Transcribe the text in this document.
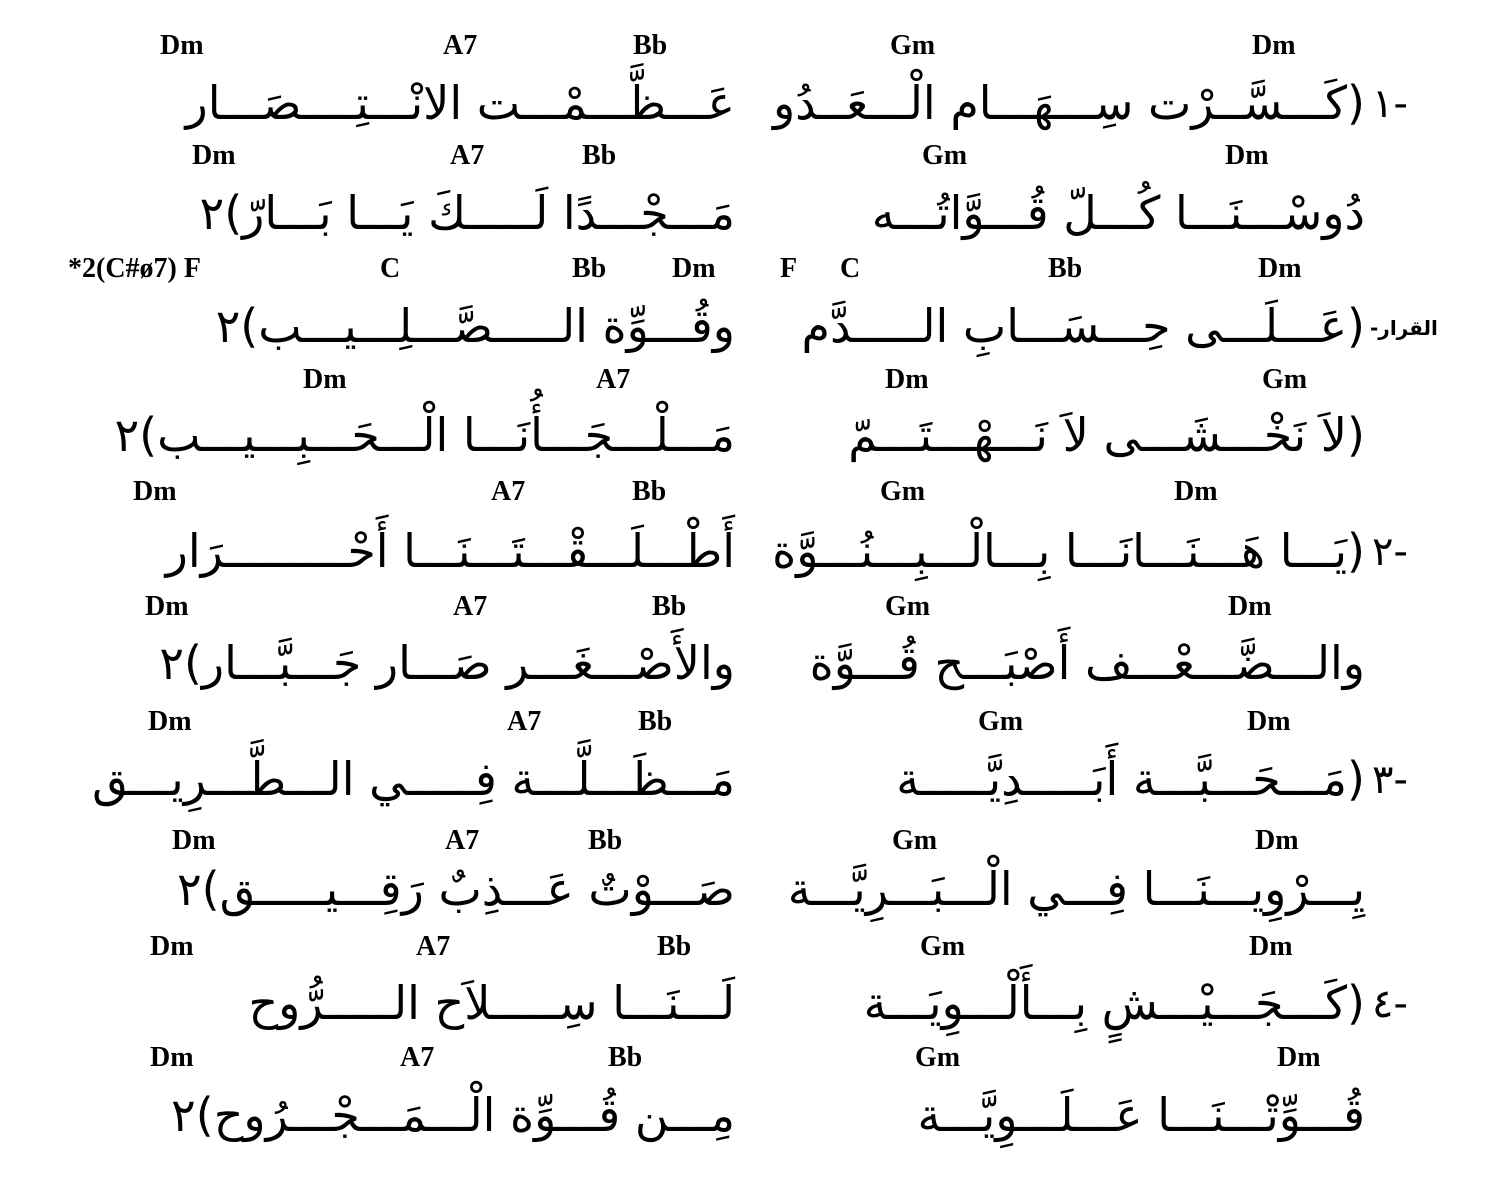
Dm	A7	Bb	Gm	Dm
عَـــظَّـــمْـــت الانْـــتِــــصَـــار (كَـــسَّــرْت سِـــهَـــام الْـــعَــدُو ١-
Dm	A7	Bb	Gm	Dm
مَـــجْـــدًا لَـــــكَ يَـــا بَـــارّ)٢	دُوسْـــنَـــا كُـــلّ قُـــوَّاتُـــه
*2(C#ø7) F	C	Bb Dm F C	Bb	Dm
وقُـــوِّة الـــــصَّـــلِـــيـــب)٢ (عَـــلَـــى حِـــسَـــابِ الـــــدَّم القرار-
Dm	A7	Dm	Gm
مَـــلْـــجَـــأُنَـــا الْـــحَـــبِـــيـــب)٢	(لاَ نَخْـــشَـــى لاَ نَـــهْـــتَـــمّ
Dm	A7	Bb	Gm	Dm
أَطْـــلَـــقْـــتَـــنَـــا أَحْـــــــــرَار (يَـــا هَـــنَـــانَـــا بِـــالْـــبِـــنُـــوَّة ٢-
Dm	A7	Bb	Gm	Dm
والأَصْـــغَـــر صَـــار جَـــبَّـــار)٢ والـــضَّـــعْـــف أَصْبَـــح قُـــوَّة
Dm	A7	Bb	Gm	Dm
مَـــظَـــلَّـــة فِـــــي الـــطَّـــرِيـــق	(مَـــحَـــبَّـــة أَبَـــــدِيَّـــــة ٣-
Dm	A7	Bb	Gm	Dm
صَـــوْتٌ عَـــذِبٌ رَقِـــيـــــق)٢ يِـــرْوِيـــنَـــا فِـــي الْـــبَـــرِيَّـــة
Dm	A7	Bb	Gm	Dm
لَـــنَـــا سِـــــلاَح الـــــرُّوح	(كَـــجَـــيْـــشٍ بِـــأَلْـــوِيَـــة ٤-
Dm	A7	Bb	Gm	Dm
مِـــن قُـــوِّة الْـــمَـــجْـــرُوح)٢	قُـــوِّتْـــنَـــا عَـــلَـــوِيَّـــة
